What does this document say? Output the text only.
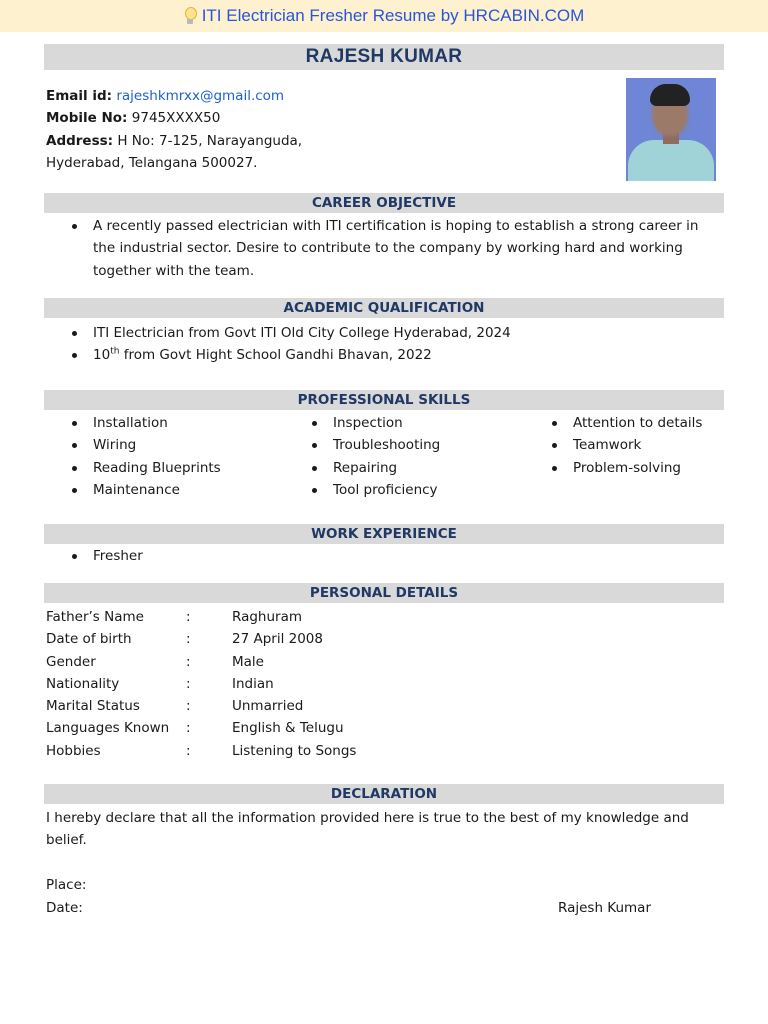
ITI Electrician Fresher Resume by HRCABIN.COM
RAJESH KUMAR
Email id: rajeshkmrxx@gmail.com
Mobile No: 9745XXXX50
Address: H No: 7-125, Narayanguda,
Hyderabad, Telangana 500027.
CAREER OBJECTIVE
A recently passed electrician with ITI certification is hoping to establish a strong career in the industrial sector. Desire to contribute to the company by working hard and working together with the team.
ACADEMIC QUALIFICATION
ITI Electrician from Govt ITI Old City College Hyderabad, 2024
10th from Govt Hight School Gandhi Bhavan, 2022
PROFESSIONAL SKILLS
Installation
Wiring
Reading Blueprints
Maintenance
Inspection
Troubleshooting
Repairing
Tool proficiency
Attention to details
Teamwork
Problem-solving
WORK EXPERIENCE
Fresher
PERSONAL DETAILS
Father’s Name	:	Raghuram
Date of birth	:	27 April 2008
Gender	:	Male
Nationality	:	Indian
Marital Status	:	Unmarried
Languages Known	:	English & Telugu
Hobbies	:	Listening to Songs
DECLARATION
I hereby declare that all the information provided here is true to the best of my knowledge and belief.
Place:
Date:	Rajesh Kumar
